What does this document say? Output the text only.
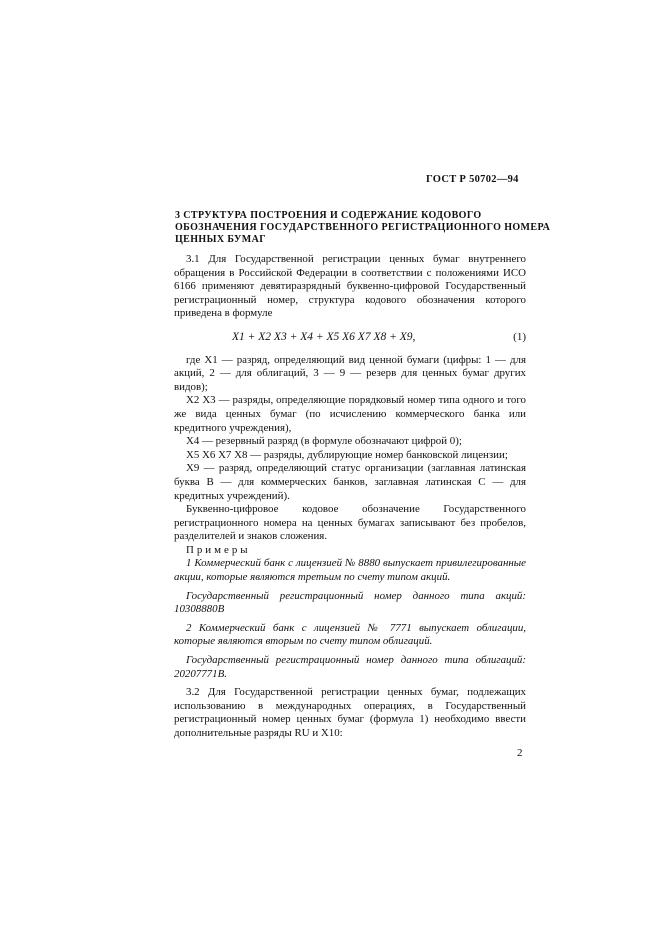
ГОСТ Р 50702—94
3 СТРУКТУРА ПОСТРОЕНИЯ И СОДЕРЖАНИЕ КОДОВОГО ОБОЗНАЧЕНИЯ ГОСУДАРСТВЕННОГО РЕГИСТРАЦИОННОГО НОМЕРА ЦЕННЫХ БУМАГ

3.1 Для Государственной регистрации ценных бумаг внутреннего обращения в Российской Федерации в соответствии с положениями ИСО 6166 применяют девятиразрядный буквенно-цифровой Государственный регистрационный номер, структура кодового обозначения которого приведена в формуле

X1 + X2 X3 + X4 + X5 X6 X7 X8 + X9,	(1)

где X1 — разряд, определяющий вид ценной бумаги (цифры: 1 — для акций, 2 — для облигаций, 3 — 9 — резерв для ценных бумаг других видов);

X2 X3 — разряды, определяющие порядковый номер типа одного и того же вида ценных бумаг (по исчислению коммерческого банка или кредитного учреждения),

X4 — резервный разряд (в формуле обозначают цифрой 0);

X5 X6 X7 X8 — разряды, дублирующие номер банковской лицензии;

X9 — разряд, определяющий статус организации (заглавная латинская буква B — для коммерческих банков, заглавная латинская C — для кредитных учреждений).

Буквенно-цифровое кодовое обозначение Государственного регистрационного номера на ценных бумагах записывают без пробелов, разделителей и знаков сложения.

Примеры

1 Коммерческий банк с лицензией № 8880 выпускает привилегированные акции, которые являются третьим по счету типом акций.

Государственный регистрационный номер данного типа акций: 10308880B

2 Коммерческий банк с лицензией № 7771 выпускает облигации, которые являются вторым по счету типом облигаций.

Государственный регистрационный номер данного типа облигаций: 20207771B.

3.2 Для Государственной регистрации ценных бумаг, подлежащих использованию в международных операциях, в Государственный регистрационный номер ценных бумаг (формула 1) необходимо ввести дополнительные разряды RU и X10:

2
